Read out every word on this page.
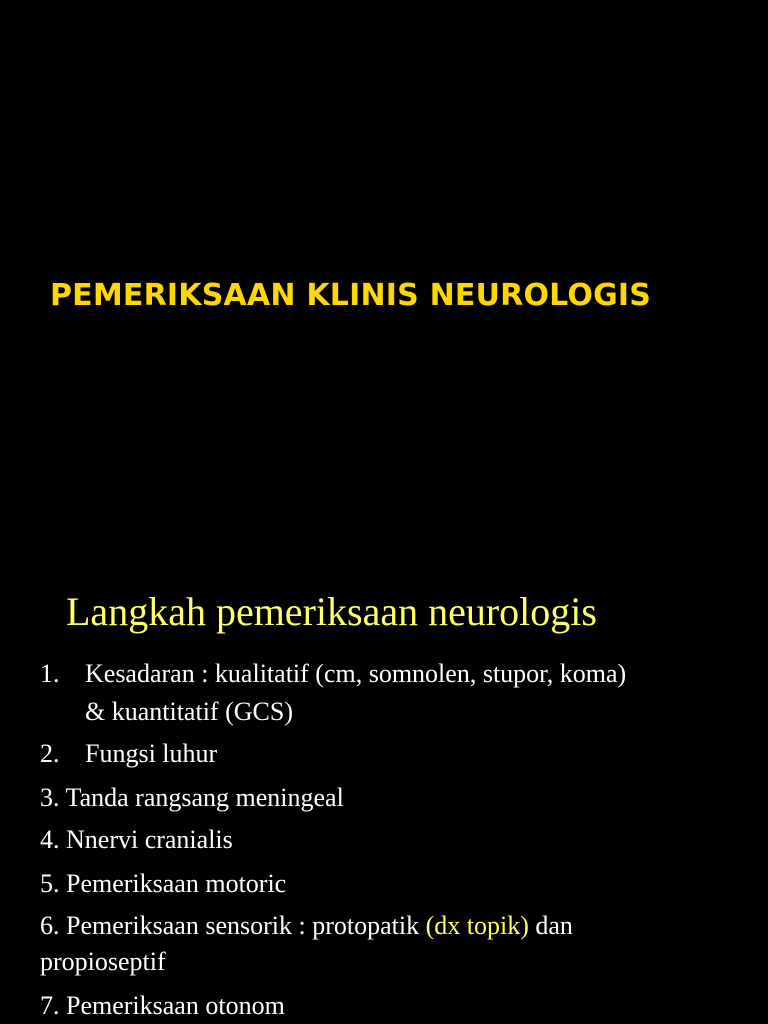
PEMERIKSAAN KLINIS NEUROLOGIS
Langkah pemeriksaan neurologis
1. Kesadaran : kualitatif (cm, somnolen, stupor, koma)
& kuantitatif (GCS)
2. Fungsi luhur
3. Tanda rangsang meningeal
4. Nnervi cranialis
5. Pemeriksaan motoric
6. Pemeriksaan sensorik : protopatik (dx topik) dan
propioseptif
7. Pemeriksaan otonom
